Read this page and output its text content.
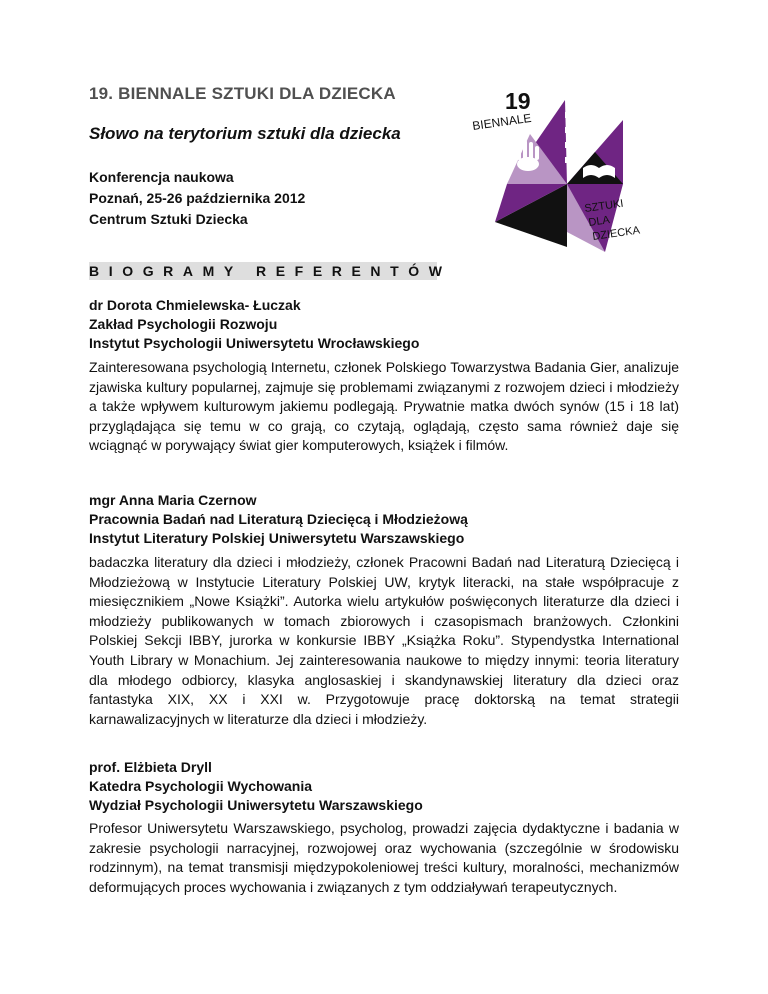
19. BIENNALE SZTUKI DLA DZIECKA
Słowo na terytorium sztuki dla dziecka
Konferencja naukowa
Poznań, 25-26 października 2012
Centrum Sztuki Dziecka
19
BIENNALE
SZTUKI
DLA
DZIECKA
BIOGRAMY REFERENTÓW
dr Dorota Chmielewska- Łuczak
Zakład Psychologii Rozwoju
Instytut Psychologii Uniwersytetu Wrocławskiego
Zainteresowana psychologią Internetu, członek Polskiego Towarzystwa Badania Gier, analizuje zjawiska kultury popularnej, zajmuje się problemami związanymi z rozwojem dzieci i młodzieży a także wpływem kulturowym jakiemu podlegają. Prywatnie matka dwóch synów (15 i 18 lat) przyglądająca się temu w co grają, co czytają, oglądają, często sama również daje się wciągnąć w porywający świat gier komputerowych, książek i filmów.
mgr Anna Maria Czernow
Pracownia Badań nad Literaturą Dziecięcą i Młodzieżową
Instytut Literatury Polskiej Uniwersytetu Warszawskiego
badaczka literatury dla dzieci i młodzieży, członek Pracowni Badań nad Literaturą Dziecięcą i Młodzieżową w Instytucie Literatury Polskiej UW, krytyk literacki, na stałe współpracuje z miesięcznikiem „Nowe Książki”. Autorka wielu artykułów poświęconych literaturze dla dzieci i młodzieży publikowanych w tomach zbiorowych i czasopismach branżowych. Członkini Polskiej Sekcji IBBY, jurorka w konkursie IBBY „Książka Roku”. Stypendystka International Youth Library w Monachium. Jej zainteresowania naukowe to między innymi: teoria literatury dla młodego odbiorcy, klasyka anglosaskiej i skandynawskiej literatury dla dzieci oraz fantastyka XIX, XX i XXI w. Przygotowuje pracę doktorską na temat strategii karnawalizacyjnych w literaturze dla dzieci i młodzieży.
prof. Elżbieta Dryll
Katedra Psychologii Wychowania
Wydział Psychologii Uniwersytetu Warszawskiego
Profesor Uniwersytetu Warszawskiego, psycholog, prowadzi zajęcia dydaktyczne i badania w zakresie psychologii narracyjnej, rozwojowej oraz wychowania (szczególnie w środowisku rodzinnym), na temat transmisji międzypokoleniowej treści kultury, moralności, mechanizmów deformujących proces wychowania i związanych z tym oddziaływań terapeutycznych.
